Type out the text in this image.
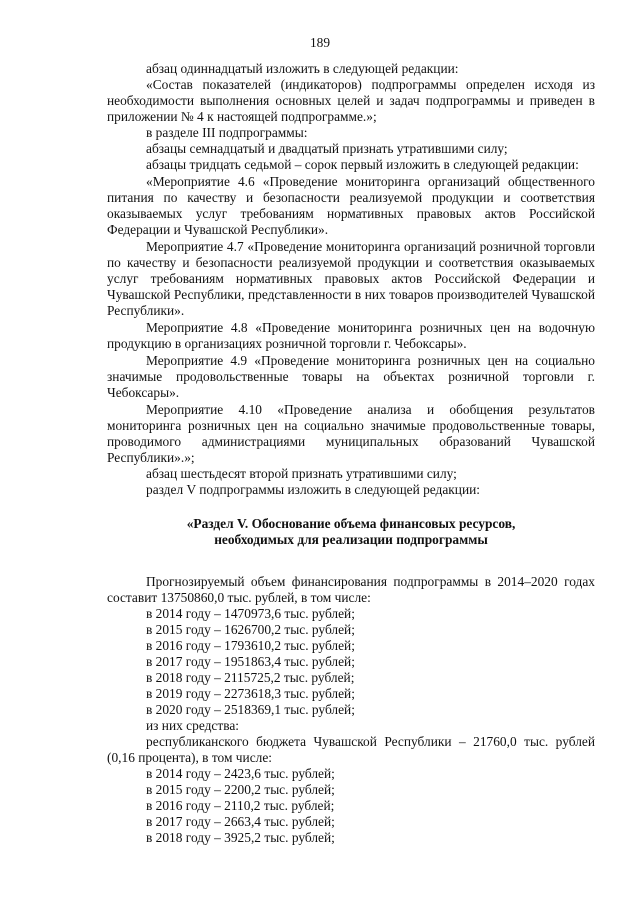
189

абзац одиннадцатый изложить в следующей редакции:

«Состав показателей (индикаторов) подпрограммы определен исходя из необходимости выполнения основных целей и задач подпрограммы и приведен в приложении № 4 к настоящей подпрограмме.»;

в разделе III подпрограммы:

абзацы семнадцатый и двадцатый признать утратившими силу;

абзацы тридцать седьмой – сорок первый изложить в следующей редакции:

«Мероприятие 4.6 «Проведение мониторинга организаций общественного питания по качеству и безопасности реализуемой продукции и соответствия оказываемых услуг требованиям нормативных правовых актов Российской Федерации и Чувашской Республики».

Мероприятие 4.7 «Проведение мониторинга организаций розничной торговли по качеству и безопасности реализуемой продукции и соответствия оказываемых услуг требованиям нормативных правовых актов Российской Федерации и Чувашской Республики, представленности в них товаров производителей Чувашской Республики».

Мероприятие 4.8 «Проведение мониторинга розничных цен на водочную продукцию в организациях розничной торговли г. Чебоксары».

Мероприятие 4.9 «Проведение мониторинга розничных цен на социально значимые продовольственные товары на объектах розничной торговли г. Чебоксары».

Мероприятие 4.10 «Проведение анализа и обобщения результатов мониторинга розничных цен на социально значимые продовольственные товары, проводимого администрациями муниципальных образований Чувашской Республики».»;

абзац шестьдесят второй признать утратившими силу;

раздел V подпрограммы изложить в следующей редакции:

«Раздел V. Обоснование объема финансовых ресурсов,
необходимых для реализации подпрограммы

Прогнозируемый объем финансирования подпрограммы в 2014–2020 годах составит 13750860,0 тыс. рублей, в том числе:

в 2014 году – 1470973,6 тыс. рублей;

в 2015 году – 1626700,2 тыс. рублей;

в 2016 году – 1793610,2 тыс. рублей;

в 2017 году – 1951863,4 тыс. рублей;

в 2018 году – 2115725,2 тыс. рублей;

в 2019 году – 2273618,3 тыс. рублей;

в 2020 году – 2518369,1 тыс. рублей;

из них средства:

республиканского бюджета Чувашской Республики – 21760,0 тыс. рублей (0,16 процента), в том числе:

в 2014 году – 2423,6 тыс. рублей;

в 2015 году – 2200,2 тыс. рублей;

в 2016 году – 2110,2 тыс. рублей;

в 2017 году – 2663,4 тыс. рублей;

в 2018 году – 3925,2 тыс. рублей;
